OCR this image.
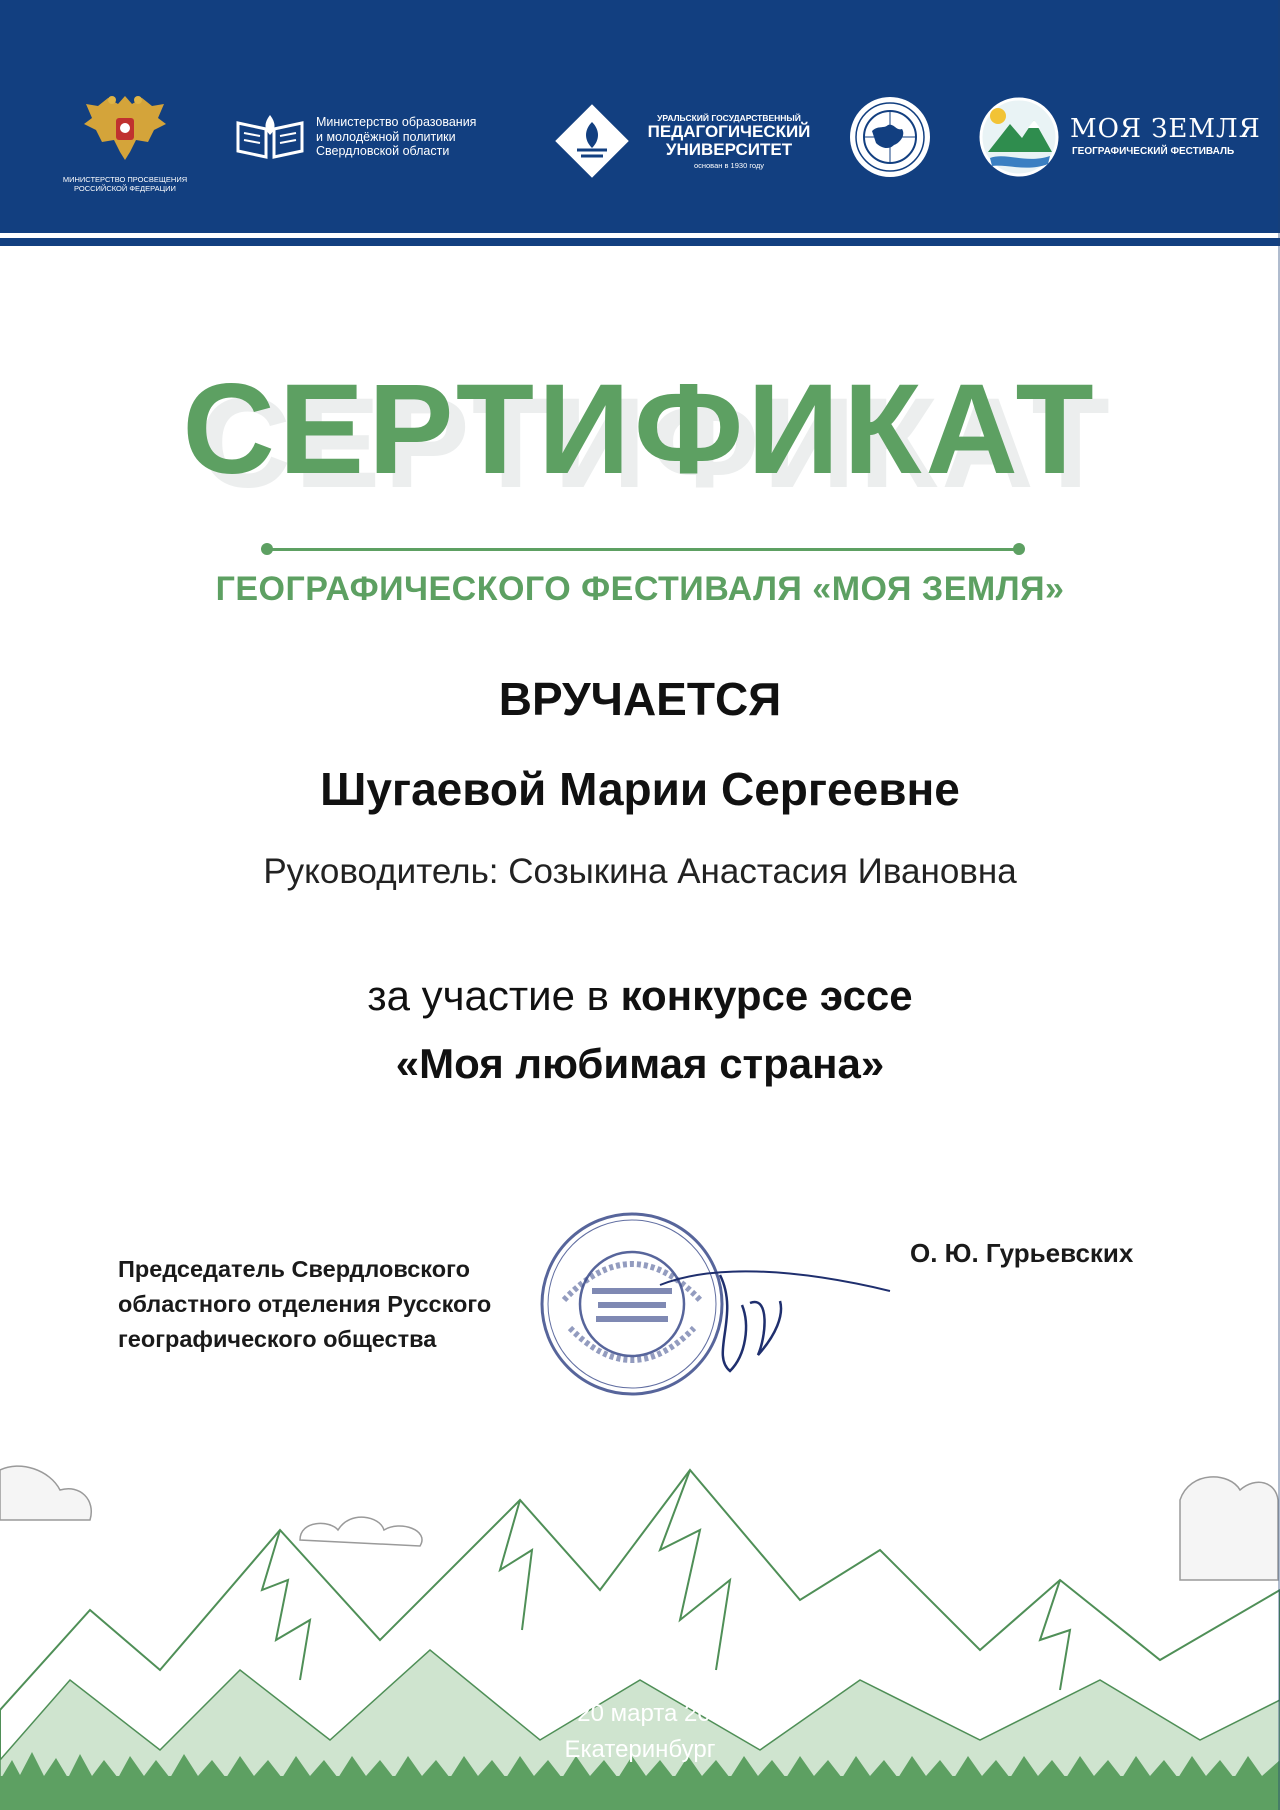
МИНИСТЕРСТВО ПРОСВЕЩЕНИЯ
РОССИЙСКОЙ ФЕДЕРАЦИИ
Министерство образования
и молодёжной политики
Свердловской области
УРАЛЬСКИЙ ГОСУДАРСТВЕННЫЙ
ПЕДАГОГИЧЕСКИЙ
УНИВЕРСИТЕТ
основан в 1930 году
МОЯ ЗЕМЛЯ
ГЕОГРАФИЧЕСКИЙ ФЕСТИВАЛЬ
СЕРТИФИКАТ
ГЕОГРАФИЧЕСКОГО ФЕСТИВАЛЯ «МОЯ ЗЕМЛЯ»
ВРУЧАЕТСЯ
Шугаевой Марии Сергеевне
Руководитель: Созыкина Анастасия Ивановна
за участие в конкурсе эссе
«Моя любимая страна»
Председатель Свердловского
областного отделения Русского
географического общества
О. Ю. Гурьевских
17-20 марта 2026
Екатеринбург
